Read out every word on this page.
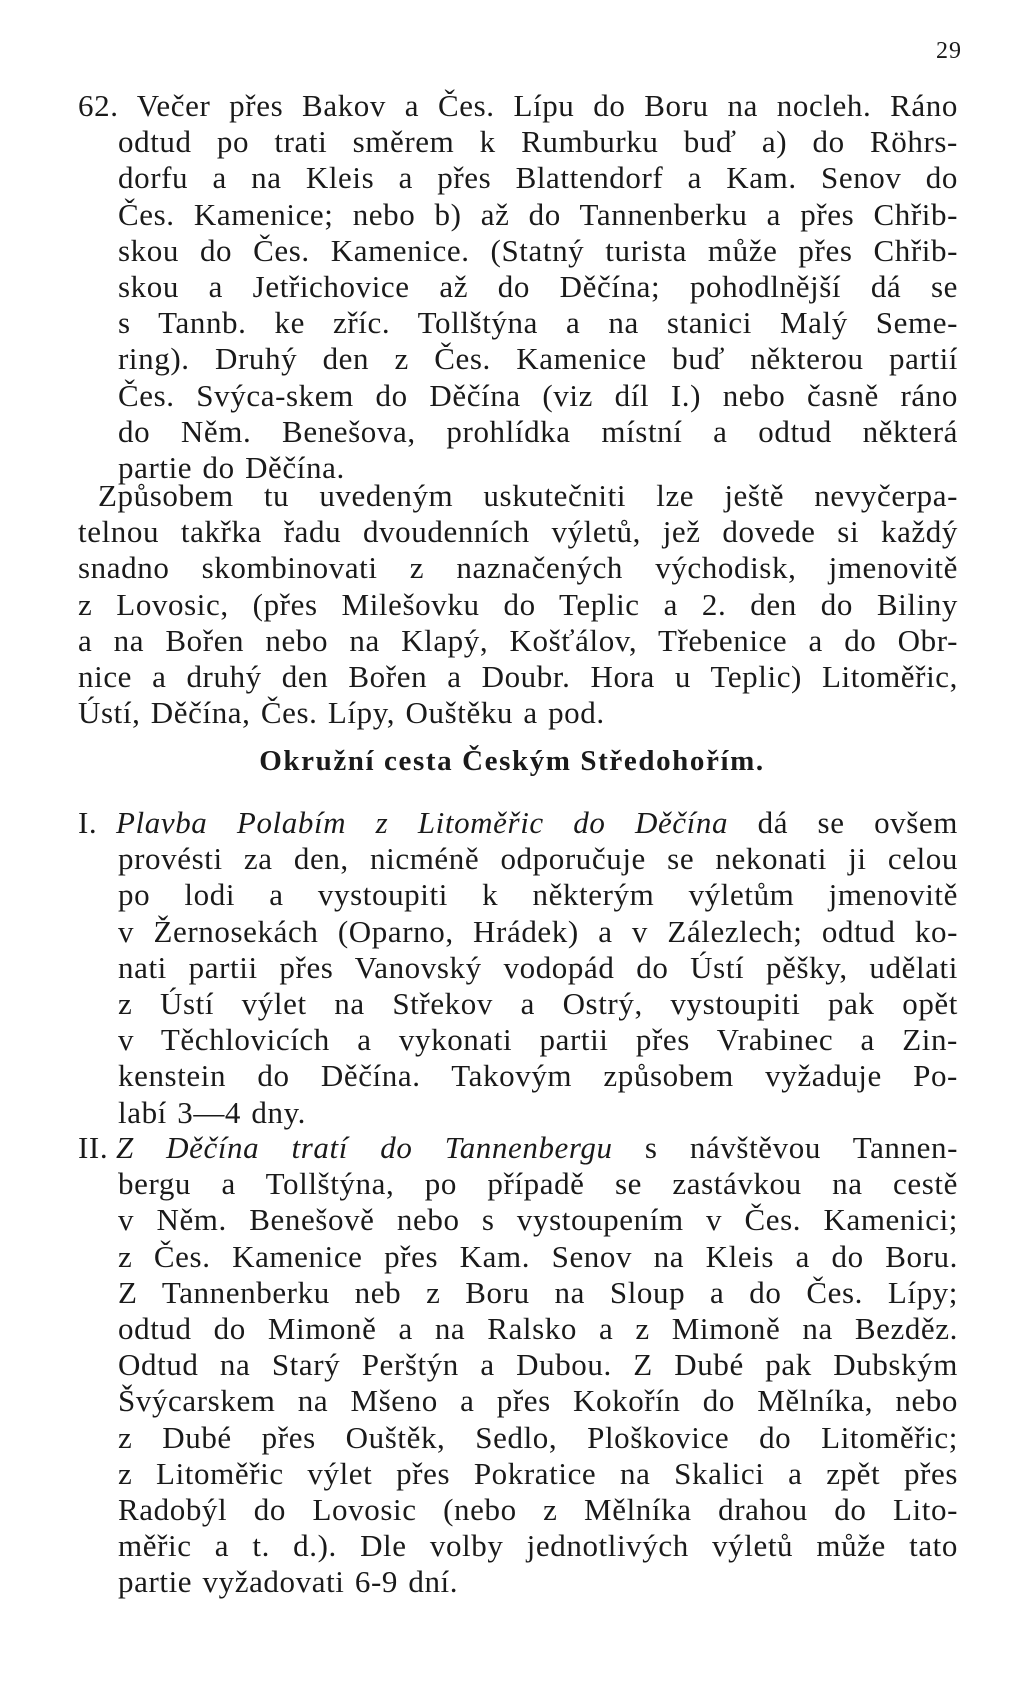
29
62. Večer přes Bakov a Čes. Lípu do Boru na nocleh. Ráno
odtud po trati směrem k Rumburku buď a) do Röhrs-
dorfu a na Kleis a přes Blattendorf a Kam. Senov do
Čes. Kamenice; nebo b) až do Tannenberku a přes Chřib-
skou do Čes. Kamenice. (Statný turista může přes Chřib-
skou a Jetřichovice až do Děčína; pohodlnější dá se
s Tannb. ke zříc. Tollštýna a na stanici Malý Seme-
ring). Druhý den z Čes. Kamenice buď některou partií
Čes. Svýca-skem do Děčína (viz díl I.) nebo časně ráno
do Něm. Benešova, prohlídka místní a odtud některá
partie do Děčína.
Způsobem tu uvedeným uskutečniti lze ještě nevyčerpa-
telnou takřka řadu dvoudenních výletů, jež dovede si každý
snadno skombinovati z naznačených východisk, jmenovitě
z Lovosic, (přes Milešovku do Teplic a 2. den do Biliny
a na Bořen nebo na Klapý, Košťálov, Třebenice a do Obr-
nice a druhý den Bořen a Doubr. Hora u Teplic) Litoměřic,
Ústí, Děčína, Čes. Lípy, Ouštěku a pod.
Okružní cesta Českým Středohořím.
I. Plavba Polabím z Litoměřic do Děčína dá se ovšem
provésti za den, nicméně odporučuje se nekonati ji celou
po lodi a vystoupiti k některým výletům jmenovitě
v Žernosekách (Oparno, Hrádek) a v Zálezlech; odtud ko-
nati partii přes Vanovský vodopád do Ústí pěšky, udělati
z Ústí výlet na Střekov a Ostrý, vystoupiti pak opět
v Těchlovicích a vykonati partii přes Vrabinec a Zin-
kenstein do Děčína. Takovým způsobem vyžaduje Po-
labí 3—4 dny.
II. Z Děčína tratí do Tannenbergu s návštěvou Tannen-
bergu a Tollštýna, po případě se zastávkou na cestě
v Něm. Benešově nebo s vystoupením v Čes. Kamenici;
z Čes. Kamenice přes Kam. Senov na Kleis a do Boru.
Z Tannenberku neb z Boru na Sloup a do Čes. Lípy;
odtud do Mimoně a na Ralsko a z Mimoně na Bezděz.
Odtud na Starý Perštýn a Dubou. Z Dubé pak Dubským
Švýcarskem na Mšeno a přes Kokořín do Mělníka, nebo
z Dubé přes Ouštěk, Sedlo, Ploškovice do Litoměřic;
z Litoměřic výlet přes Pokratice na Skalici a zpět přes
Radobýl do Lovosic (nebo z Mělníka drahou do Lito-
měřic a t. d.). Dle volby jednotlivých výletů může tato
partie vyžadovati 6-9 dní.
